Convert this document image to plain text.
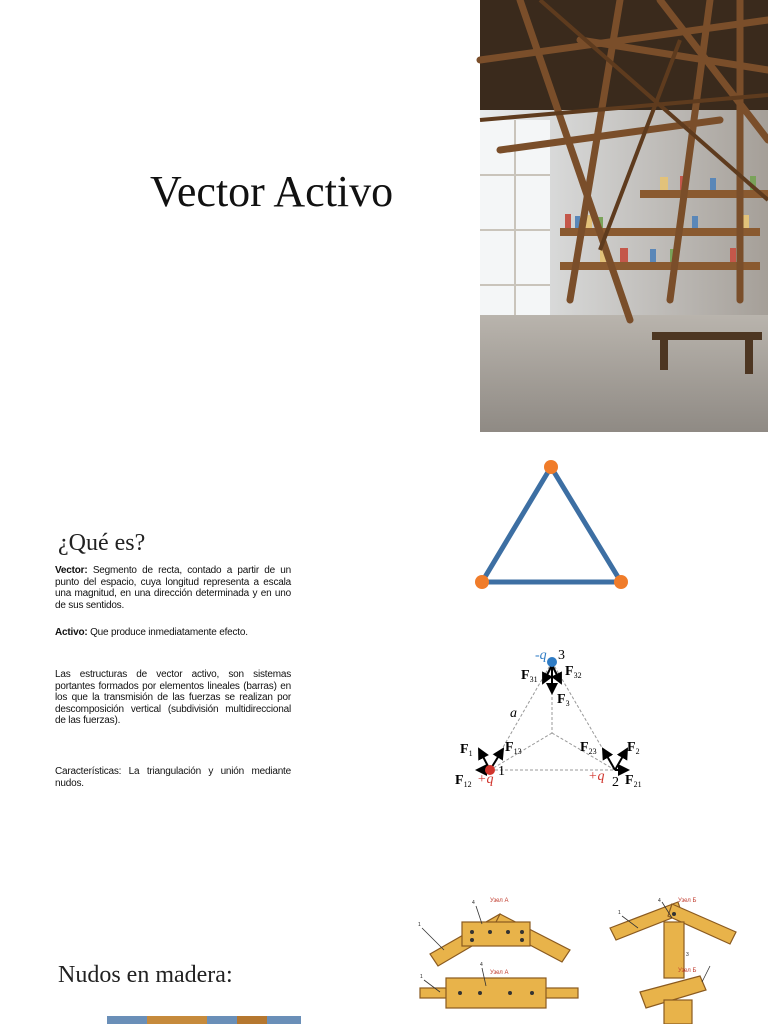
Vector Activo
¿Qué es?
Vector: Segmento de recta, contado a partir de un punto del espacio, cuya longitud representa a escala una magnitud, en una dirección determinada y en uno de sus sentidos.
Activo: Que produce inmediatamente efecto.
Las estructuras de vector activo, son sistemas portantes formados por elementos lineales (barras) en los que la transmisión de las fuerzas se realizan por descomposición vertical (subdivisión multidireccional de las fuerzas).
Características: La triangulación y unión mediante nudos.
-q 3
$F_{31}$
$F_{32}$
$F_3$
a
$F_1$ $F_{13}$
$F_{12} +q$
1
$F_{23}$ $F_2$
+q 2 $F_{21}$
Nudos en madera:
Узел А	Узел Б
Узел А	Узел Б
1
4
1
4
1
4
3
